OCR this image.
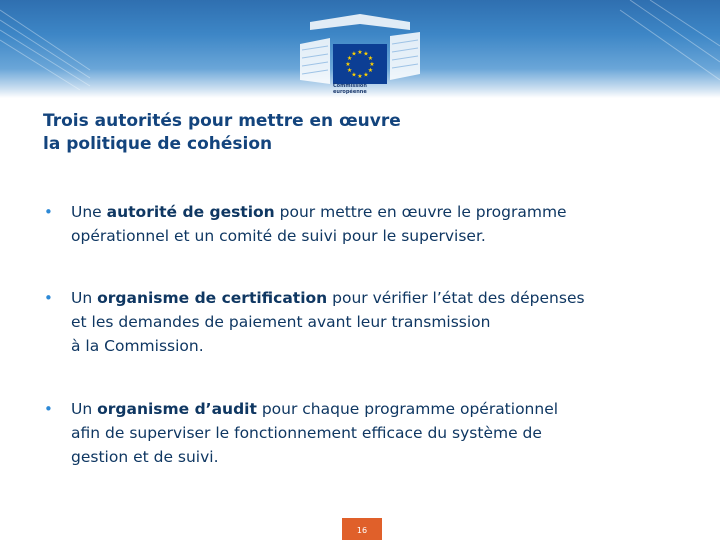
★ ★
★
★
★
★
★
★
★
★
★
★
Commission
européenne
Trois autorités pour mettre en œuvre
la politique de cohésion
• Une autorité de gestion pour mettre en œuvre le programme
opérationnel et un comité de suivi pour le superviser.
• Un organisme de certification pour vérifier l’état des dépenses
et les demandes de paiement avant leur transmission
à la Commission.
• Un organisme d’audit pour chaque programme opérationnel
afin de superviser le fonctionnement efficace du système de
gestion et de suivi.
16
